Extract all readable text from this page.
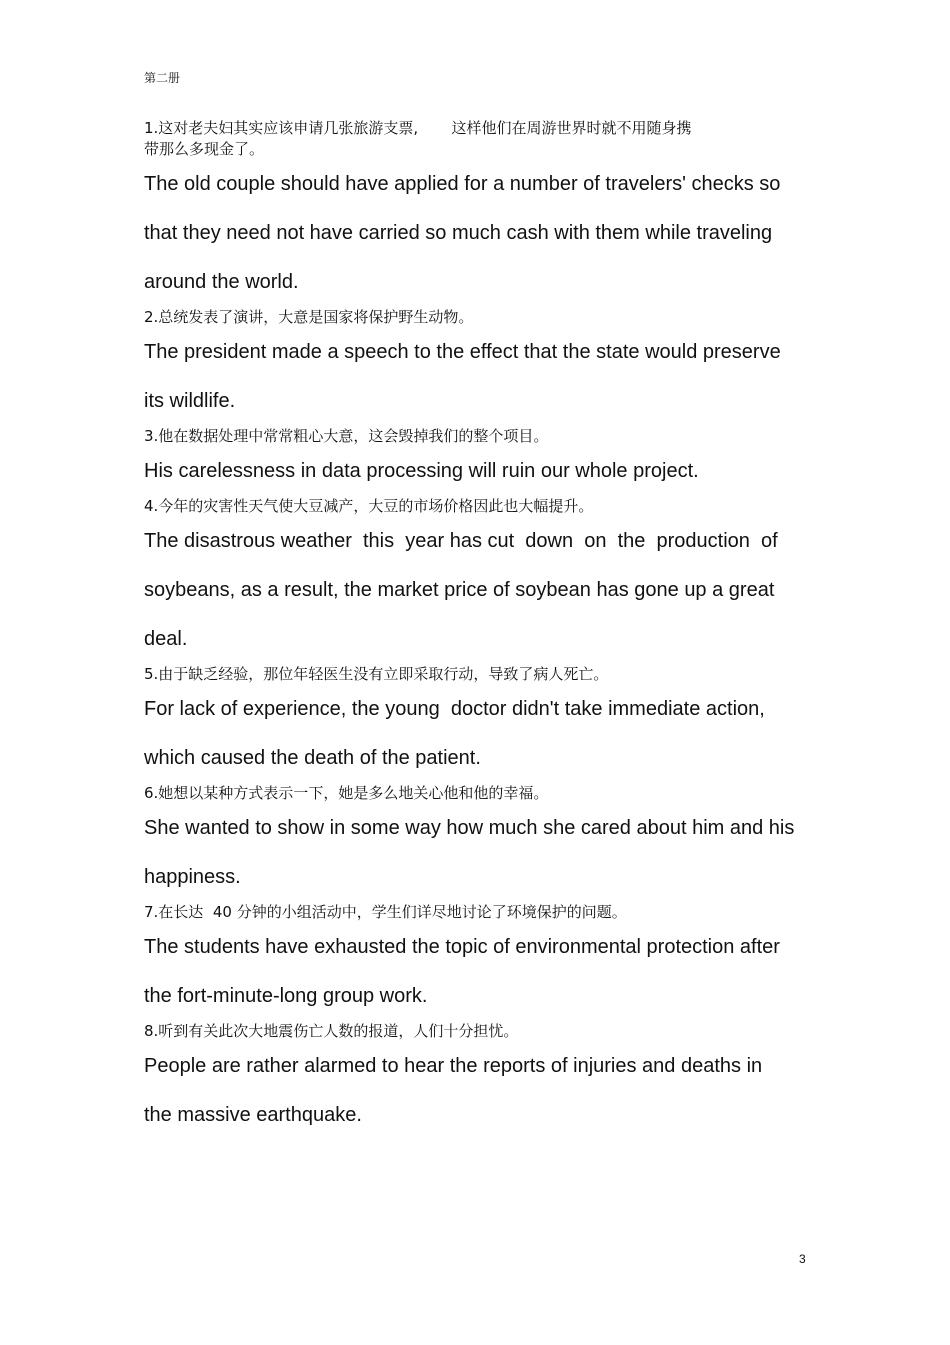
第二册

1.这对老夫妇其实应该申请几张旅游支票,       这样他们在周游世界时就不用随身携

带那么多现金了。

The old couple should have applied for a number of travelers' checks so

that they need not have carried so much cash with them while traveling

around the world.

2.总统发表了演讲，大意是国家将保护野生动物。

The president made a speech to the effect that the state would preserve

its wildlife.

3.他在数据处理中常常粗心大意，这会毁掉我们的整个项目。

His carelessness in data processing will ruin our whole project.

4.今年的灾害性天气使大豆减产，大豆的市场价格因此也大幅提升。

The disastrous weather  this  year has cut  down  on  the  production  of

soybeans, as a result, the market price of soybean has gone up a great

deal.

5.由于缺乏经验，那位年轻医生没有立即采取行动，导致了病人死亡。

For lack of experience, the young  doctor didn't take immediate action,

which caused the death of the patient.

6.她想以某种方式表示一下，她是多么地关心他和他的幸福。

She wanted to show in some way how much she cared about him and his

happiness.

7.在长达  40 分钟的小组活动中，学生们详尽地讨论了环境保护的问题。

The students have exhausted the topic of environmental protection after

the fort-minute-long group work.

8.听到有关此次大地震伤亡人数的报道，人们十分担忧。

People are rather alarmed to hear the reports of injuries and deaths in

the massive earthquake.

3
